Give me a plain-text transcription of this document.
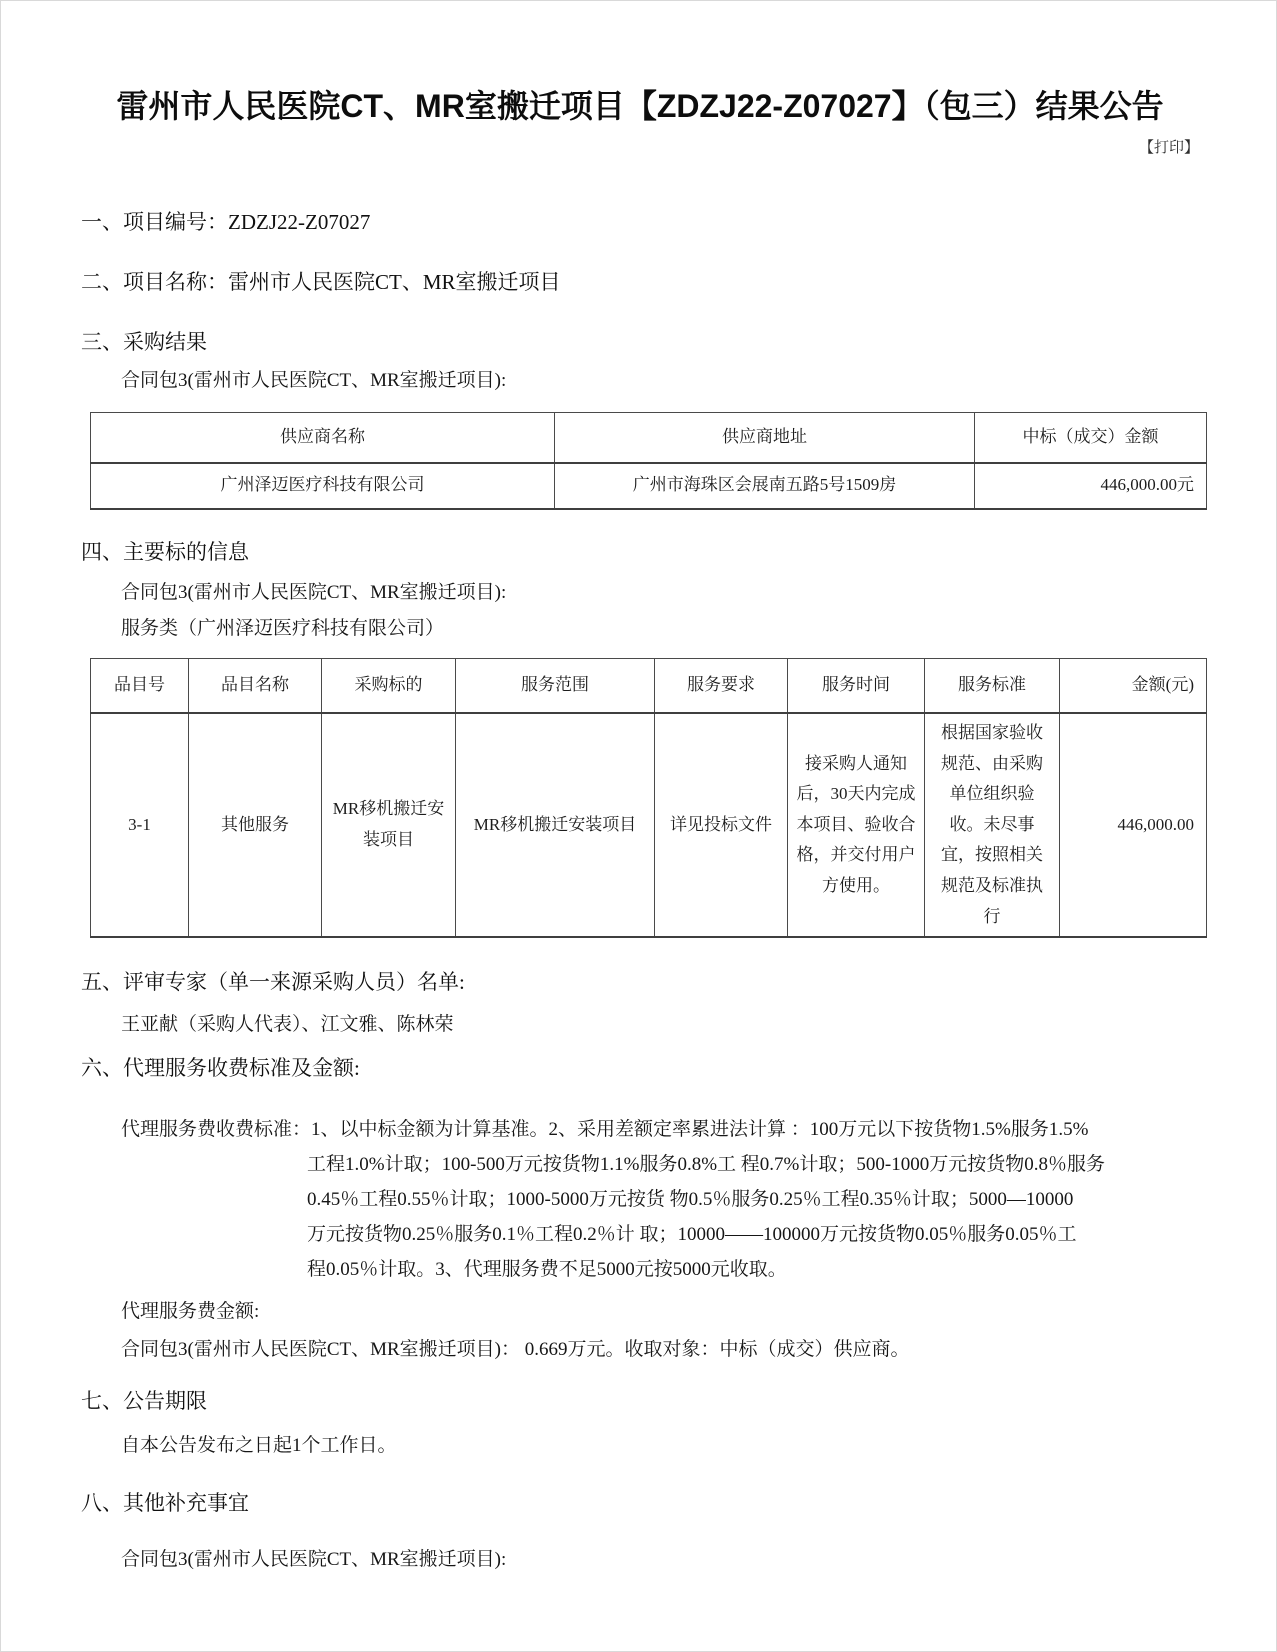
雷州市人民医院CT、MR室搬迁项目【ZDZJ22-Z07027】（包三）结果公告
【打印】
一、项目编号：ZDZJ22-Z07027
二、项目名称：雷州市人民医院CT、MR室搬迁项目
三、采购结果
合同包3(雷州市人民医院CT、MR室搬迁项目):
供应商名称	供应商地址	中标（成交）金额
广州泽迈医疗科技有限公司	广州市海珠区会展南五路5号1509房	446,000.00元
四、主要标的信息
合同包3(雷州市人民医院CT、MR室搬迁项目):
服务类（广州泽迈医疗科技有限公司）
品目号	品目名称	采购标的	服务范围	服务要求	服务时间	服务标准	金额(元)
3-1	其他服务	MR移机搬迁安装项目	MR移机搬迁安装项目	详见投标文件	接采购人通知后，30天内完成本项目、验收合格，并交付用户方使用。	根据国家验收规范、由采购单位组织验收。未尽事宜，按照相关规范及标准执行	446,000.00
五、评审专家（单一来源采购人员）名单:
王亚献（采购人代表）、江文雅、陈林荣
六、代理服务收费标准及金额:
代理服务费收费标准：1、以中标金额为计算基准。2、采用差额定率累进法计算 ：100万元以下按货物1.5%服务1.5%
工程1.0%计取；100-500万元按货物1.1%服务0.8%工 程0.7%计取；500-1000万元按货物0.8％服务
0.45％工程0.55％计取；1000-5000万元按货 物0.5％服务0.25％工程0.35％计取；5000—10000
万元按货物0.25％服务0.1％工程0.2％计 取；10000——100000万元按货物0.05％服务0.05％工
程0.05％计取。3、代理服务费不足5000元按5000元收取。
代理服务费金额:
合同包3(雷州市人民医院CT、MR室搬迁项目)： 0.669万元。收取对象：中标（成交）供应商。
七、公告期限
自本公告发布之日起1个工作日。
八、其他补充事宜
合同包3(雷州市人民医院CT、MR室搬迁项目):
